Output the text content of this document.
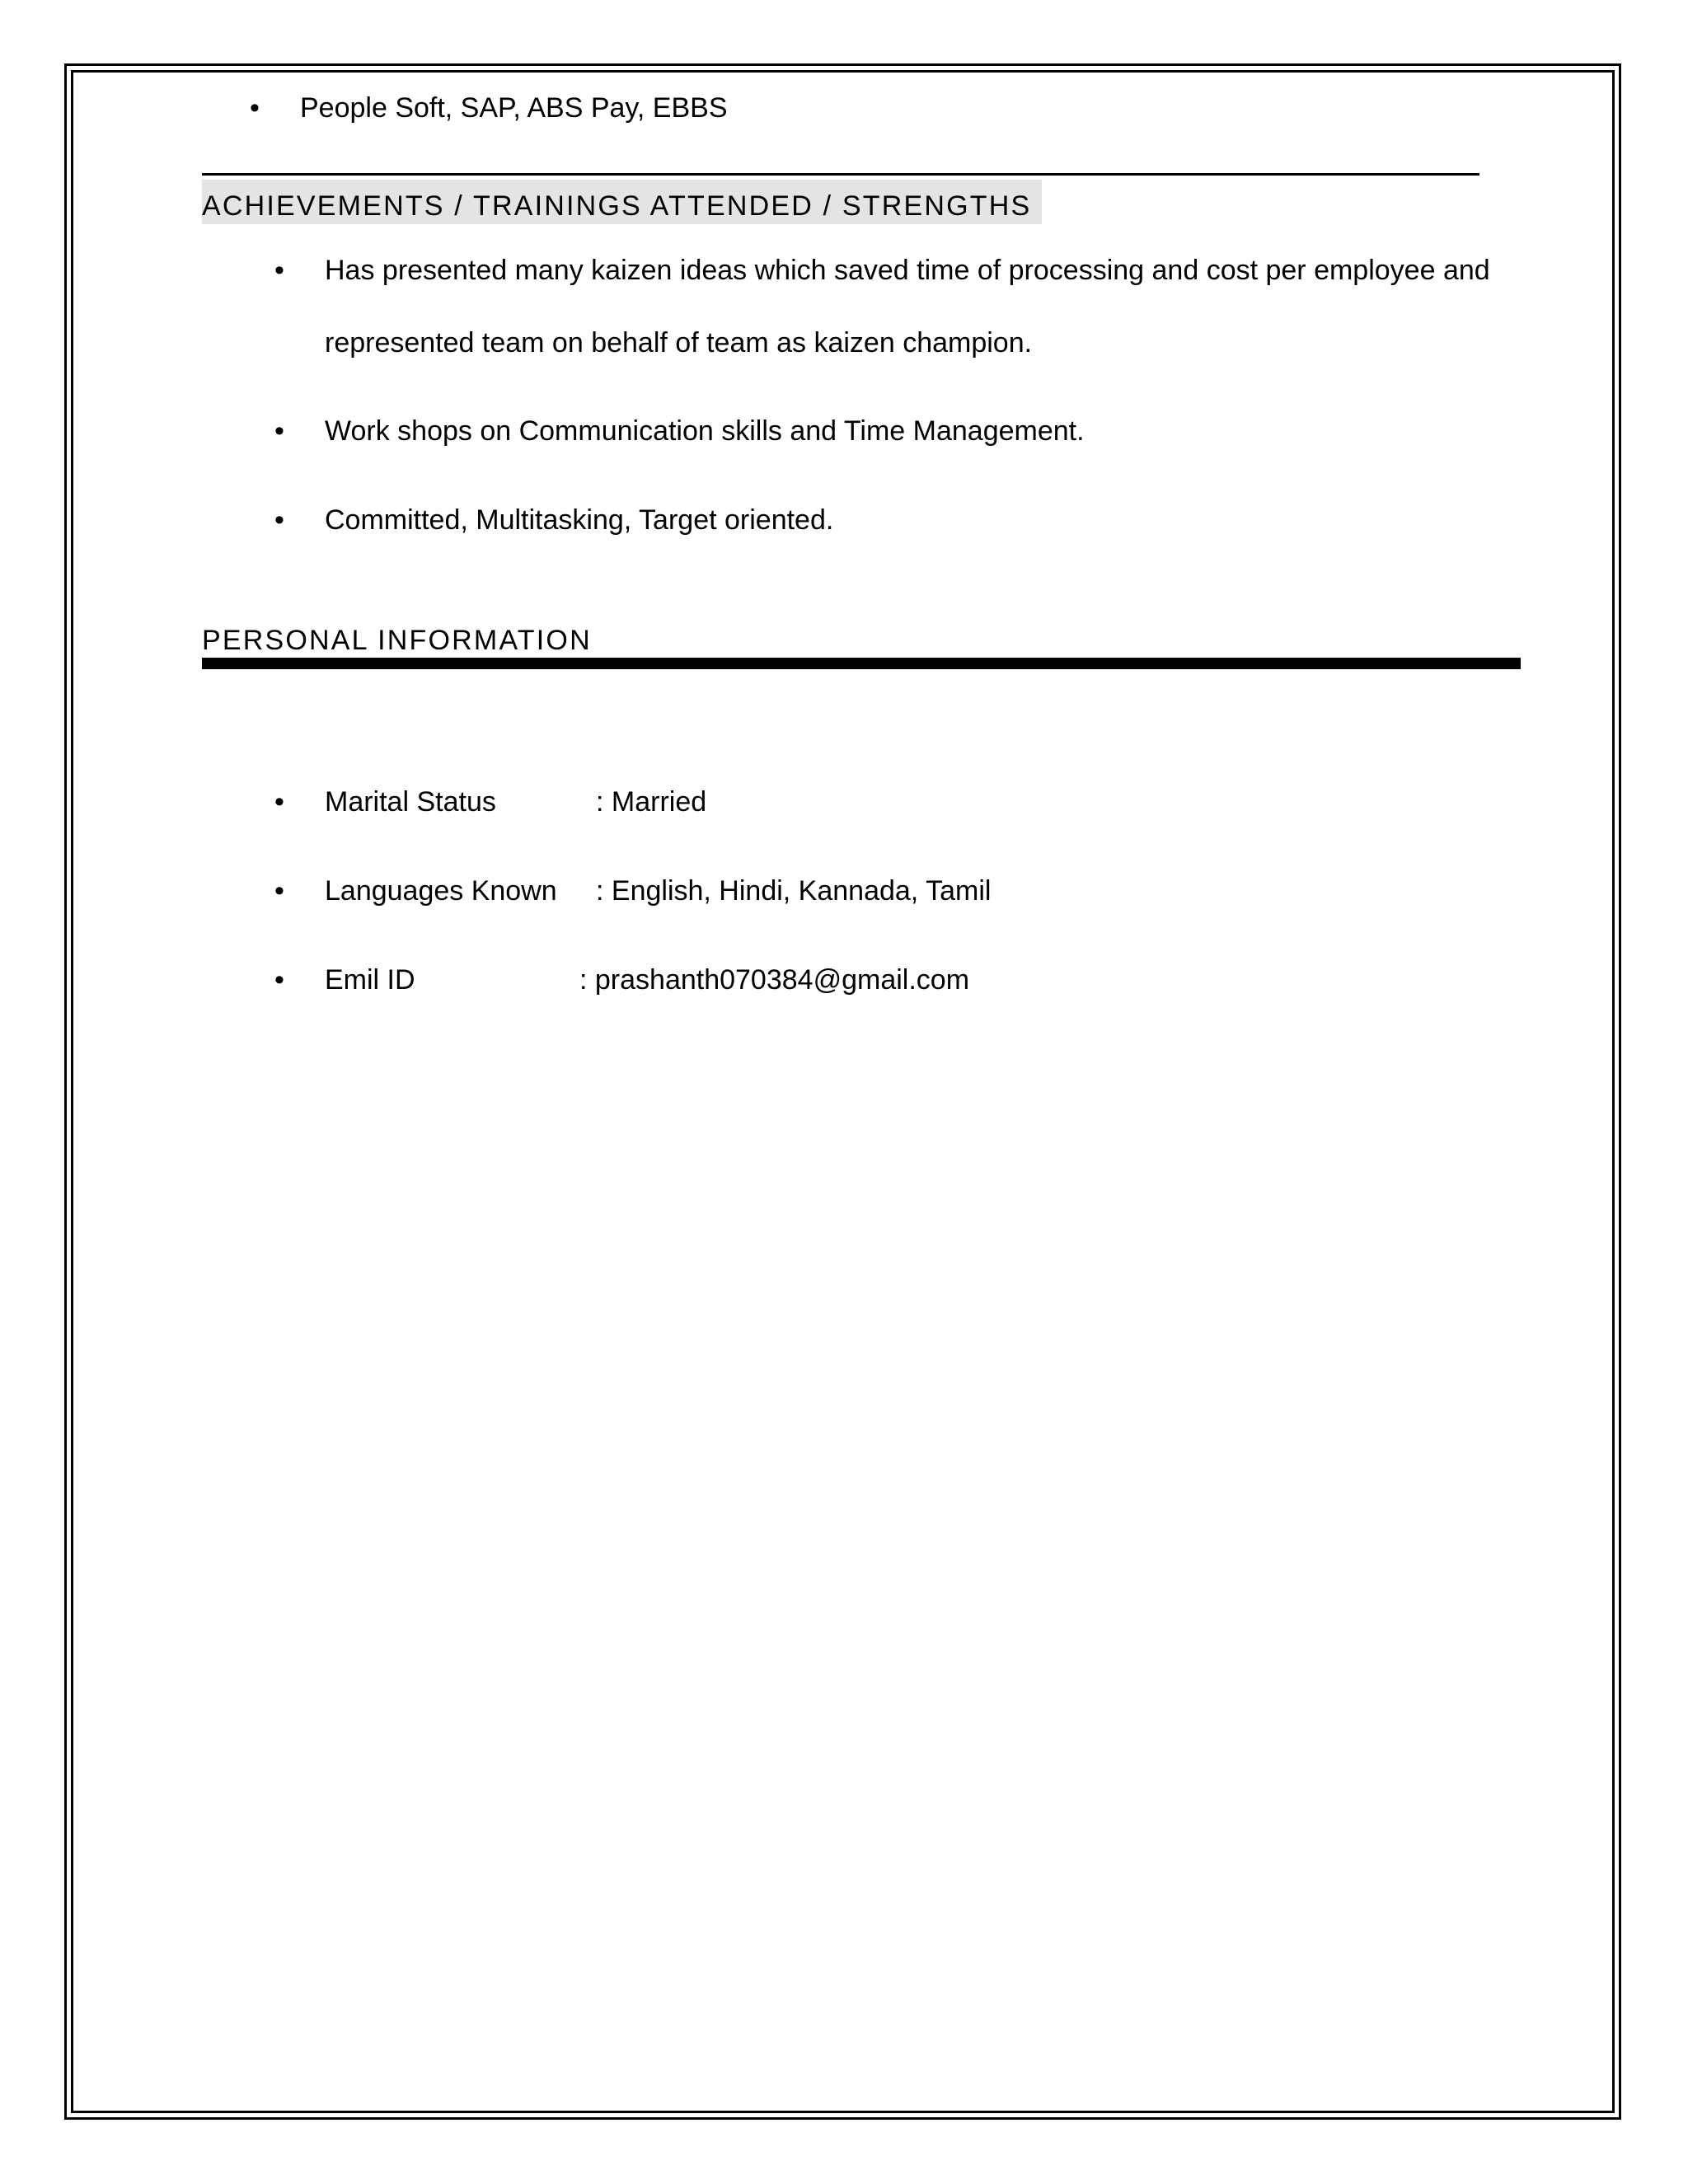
• People Soft, SAP, ABS Pay, EBBS
ACHIEVEMENTS / TRAININGS ATTENDED / STRENGTHS
• Has presented many kaizen ideas which saved time of processing and cost per employee and
represented team on behalf of team as kaizen champion.
• Work shops on Communication skills and Time Management.
• Committed, Multitasking, Target oriented.
PERSONAL INFORMATION
• Marital Status	: Married
• Languages Known : English, Hindi, Kannada, Tamil
• Emil ID	: prashanth070384@gmail.com
